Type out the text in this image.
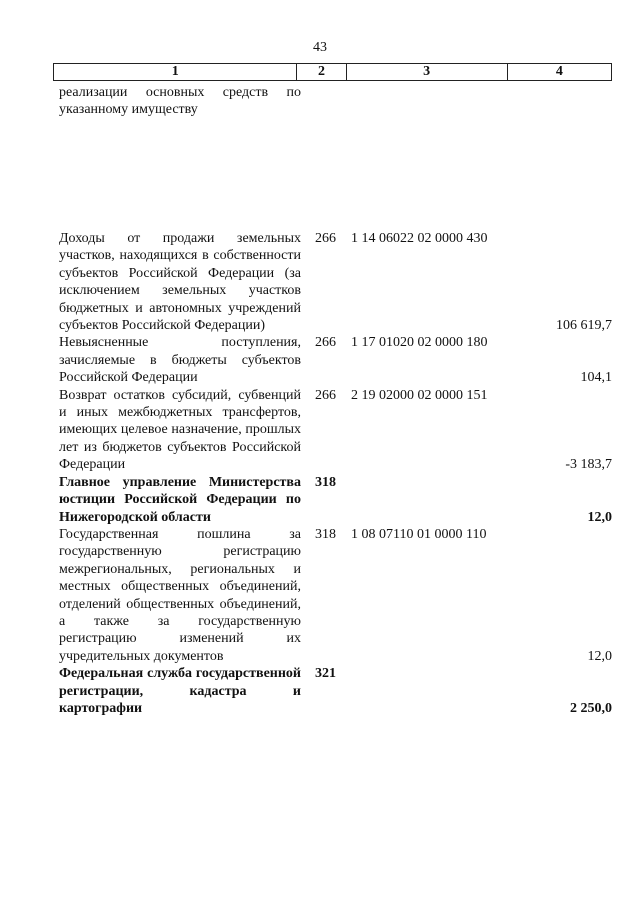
43
1	2	3	4
реализации основных средств по указанному имуществу			

Доходы от продажи земельных участков, находящихся в собственности субъектов Российской Федерации (за исключением земельных участков бюджетных и автономных учреждений субъектов Российской Федерации)	266	1 14 06022 02 0000 430	106 619,7

Невыясненные поступления, зачисляемые в бюджеты субъектов Российской Федерации	266	1 17 01020 02 0000 180	104,1

Возврат остатков субсидий, субвенций и иных межбюджетных трансфертов, имеющих целевое назначение, прошлых лет из бюджетов субъектов Российской Федерации	266	2 19 02000 02 0000 151	-3 183,7

Главное управление Министерства юстиции Российской Федерации по Нижегородской области	318		12,0

Государственная пошлина за государственную регистрацию межрегиональных, региональных и местных общественных объединений, отделений общественных объединений, а также за государственную регистрацию изменений их учредительных документов	318	1 08 07110 01 0000 110	12,0

Федеральная служба государственной регистрации, кадастра и картографии	321		2 250,0
